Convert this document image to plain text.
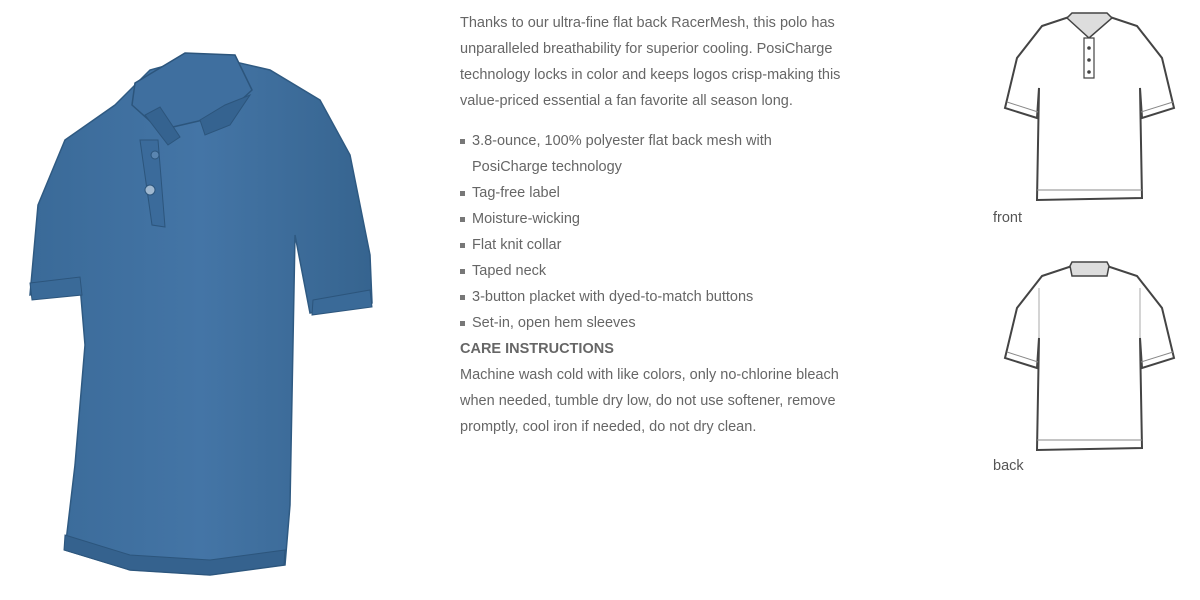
Thanks to our ultra-fine flat back RacerMesh, this polo has unparalleled breathability for superior cooling. PosiCharge technology locks in color and keeps logos crisp-making this value-priced essential a fan favorite all season long.

3.8-ounce, 100% polyester flat back mesh with PosiCharge technology
Tag-free label
Moisture-wicking
Flat knit collar
Taped neck
3-button placket with dyed-to-match buttons
Set-in, open hem sleeves

CARE INSTRUCTIONS

Machine wash cold with like colors, only no-chlorine bleach when needed, tumble dry low, do not use softener, remove promptly, cool iron if needed, do not dry clean.

front
back
